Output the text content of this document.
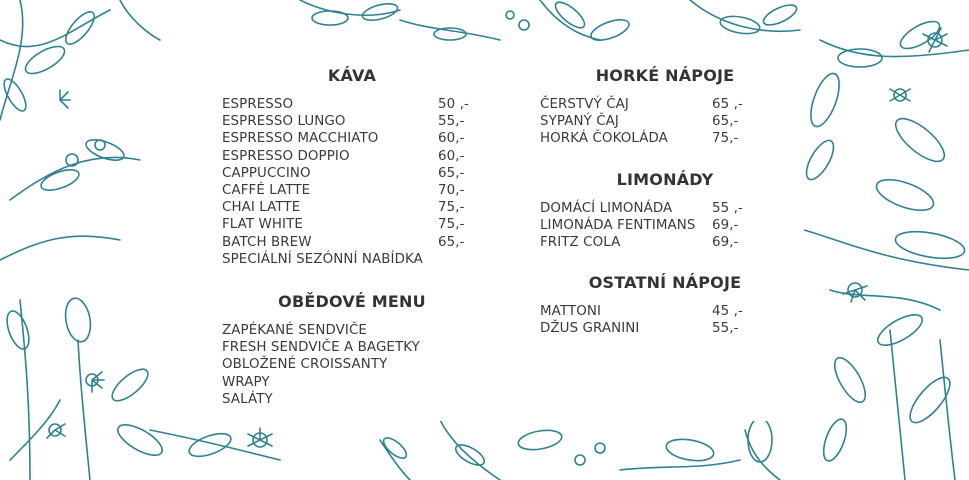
KÁVA
ESPRESSO	50 ,-
ESPRESSO LUNGO	55,-
ESPRESSO MACCHIATO	60,-
ESPRESSO DOPPIO	60,-
CAPPUCCINO	65,-
CAFFÉ LATTE	70,-
CHAI LATTE	75,-
FLAT WHITE	75,-
BATCH BREW	65,-
SPECIÁLNÍ SEZÓNNÍ NABÍDKA
OBĚDOVÉ MENU
ZAPÉKANÉ SENDVIČE
FRESH SENDVIČE A BAGETKY
OBLOŽENÉ CROISSANTY
WRAPY
SALÁTY
HORKÉ NÁPOJE
ČERSTVÝ ČAJ	65 ,-
SYPANÝ ČAJ	65,-
HORKÁ ČOKOLÁDA	75,-
LIMONÁDY
DOMÁCÍ LIMONÁDA	55 ,-
LIMONÁDA FENTIMANS	69,-
FRITZ COLA	69,-
OSTATNÍ NÁPOJE
MATTONI	45 ,-
DŽUS GRANINI	55,-
